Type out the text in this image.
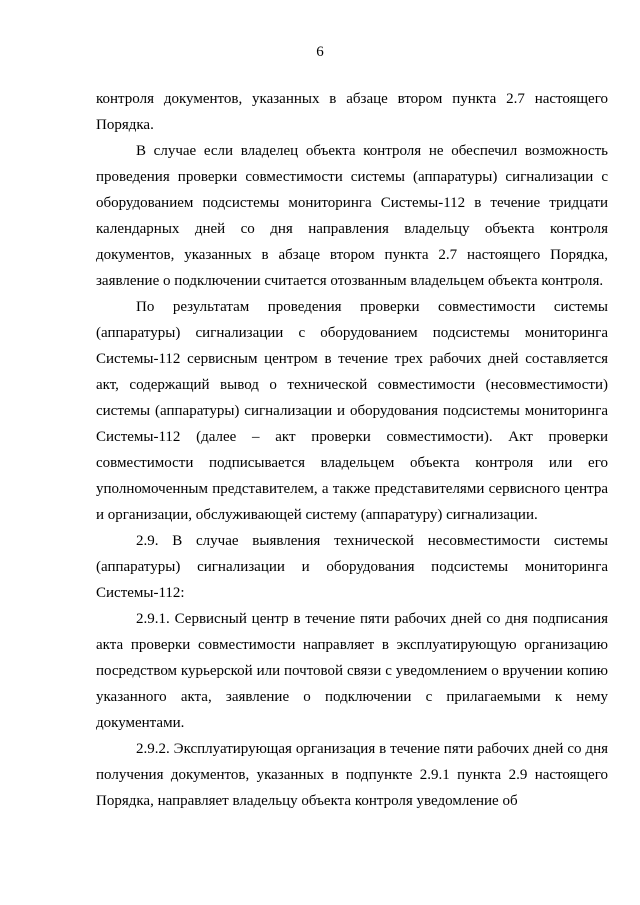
6

контроля документов, указанных в абзаце втором пункта 2.7 настоящего Порядка.

В случае если владелец объекта контроля не обеспечил возможность проведения проверки совместимости системы (аппаратуры) сигнализации с оборудованием подсистемы мониторинга Системы-112 в течение тридцати календарных дней со дня направления владельцу объекта контроля документов, указанных в абзаце втором пункта 2.7 настоящего Порядка, заявление о подключении считается отозванным владельцем объекта контроля.

По результатам проведения проверки совместимости системы (аппаратуры) сигнализации с оборудованием подсистемы мониторинга Системы-112 сервисным центром в течение трех рабочих дней составляется акт, содержащий вывод о технической совместимости (несовместимости) системы (аппаратуры) сигнализации и оборудования подсистемы мониторинга Системы-112 (далее – акт проверки совместимости). Акт проверки совместимости подписывается владельцем объекта контроля или его уполномоченным представителем, а также представителями сервисного центра и организации, обслуживающей систему (аппаратуру) сигнализации.

2.9. В случае выявления технической несовместимости системы (аппаратуры) сигнализации и оборудования подсистемы мониторинга Системы-112:

2.9.1. Сервисный центр в течение пяти рабочих дней со дня подписания акта проверки совместимости направляет в эксплуатирующую организацию посредством курьерской или почтовой связи с уведомлением о вручении копию указанного акта, заявление о подключении с прилагаемыми к нему документами.

2.9.2. Эксплуатирующая организация в течение пяти рабочих дней со дня получения документов, указанных в подпункте 2.9.1 пункта 2.9 настоящего Порядка, направляет владельцу объекта контроля уведомление об
